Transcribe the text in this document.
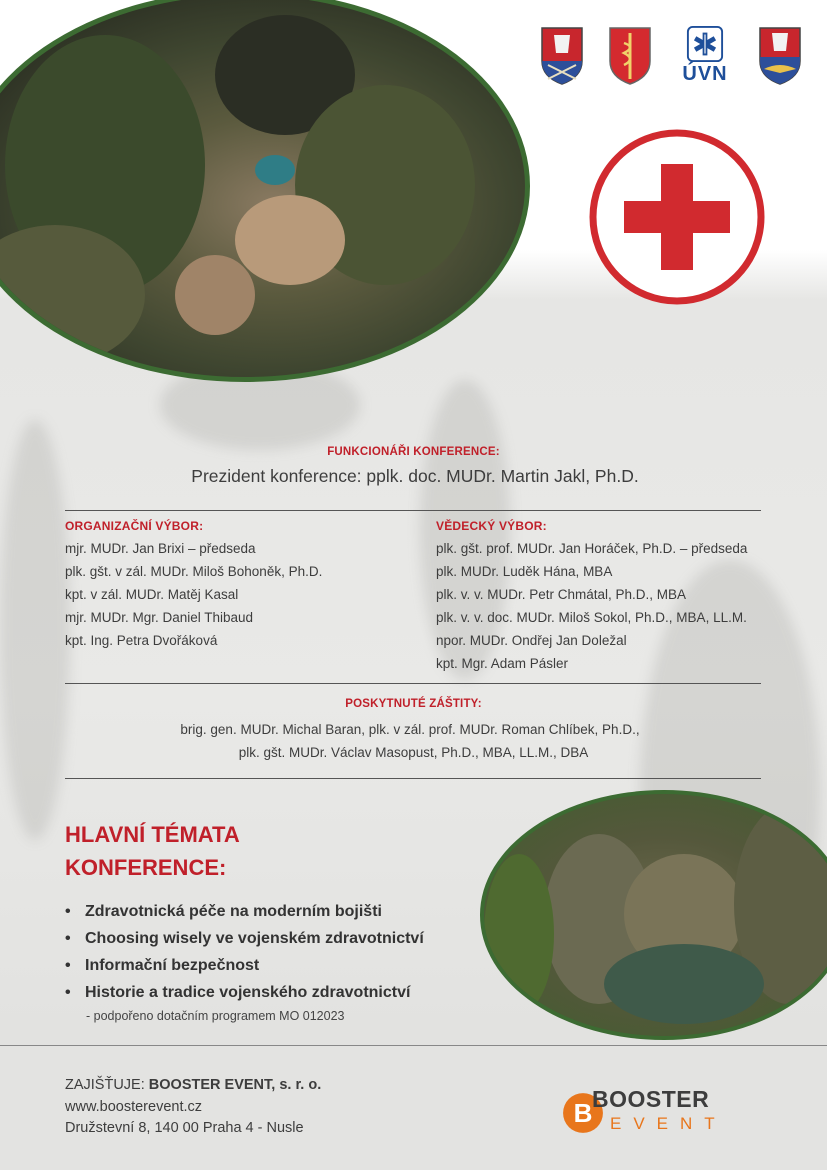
ÚVN
FUNKCIONÁŘI KONFERENCE:
Prezident konference: pplk. doc. MUDr. Martin Jakl, Ph.D.
ORGANIZAČNÍ VÝBOR:
mjr. MUDr. Jan Brixi – předseda
plk. gšt. v zál. MUDr. Miloš Bohoněk, Ph.D.
kpt. v zál. MUDr. Matěj Kasal
mjr. MUDr. Mgr. Daniel Thibaud
kpt. Ing. Petra Dvořáková
VĚDECKÝ VÝBOR:
plk. gšt. prof. MUDr. Jan Horáček, Ph.D. – předseda
plk. MUDr. Luděk Hána, MBA
plk. v. v. MUDr. Petr Chmátal, Ph.D., MBA
plk. v. v. doc. MUDr. Miloš Sokol, Ph.D., MBA, LL.M.
npor. MUDr. Ondřej Jan Doležal
kpt. Mgr. Adam Pásler
POSKYTNUTÉ ZÁŠTITY:
brig. gen. MUDr. Michal Baran, plk. v zál. prof. MUDr. Roman Chlíbek, Ph.D.,
plk. gšt. MUDr. Václav Masopust, Ph.D., MBA, LL.M., DBA
HLAVNÍ TÉMATA
KONFERENCE:
• Zdravotnická péče na moderním bojišti
• Choosing wisely ve vojenském zdravotnictví
• Informační bezpečnost
• Historie a tradice vojenského zdravotnictví
- podpořeno dotačním programem MO 012023
ZAJIŠŤUJE: BOOSTER EVENT, s. r. o.
www.boosterevent.cz
Družstevní 8, 140 00 Praha 4 - Nusle	B BOOSTER
EVENT
